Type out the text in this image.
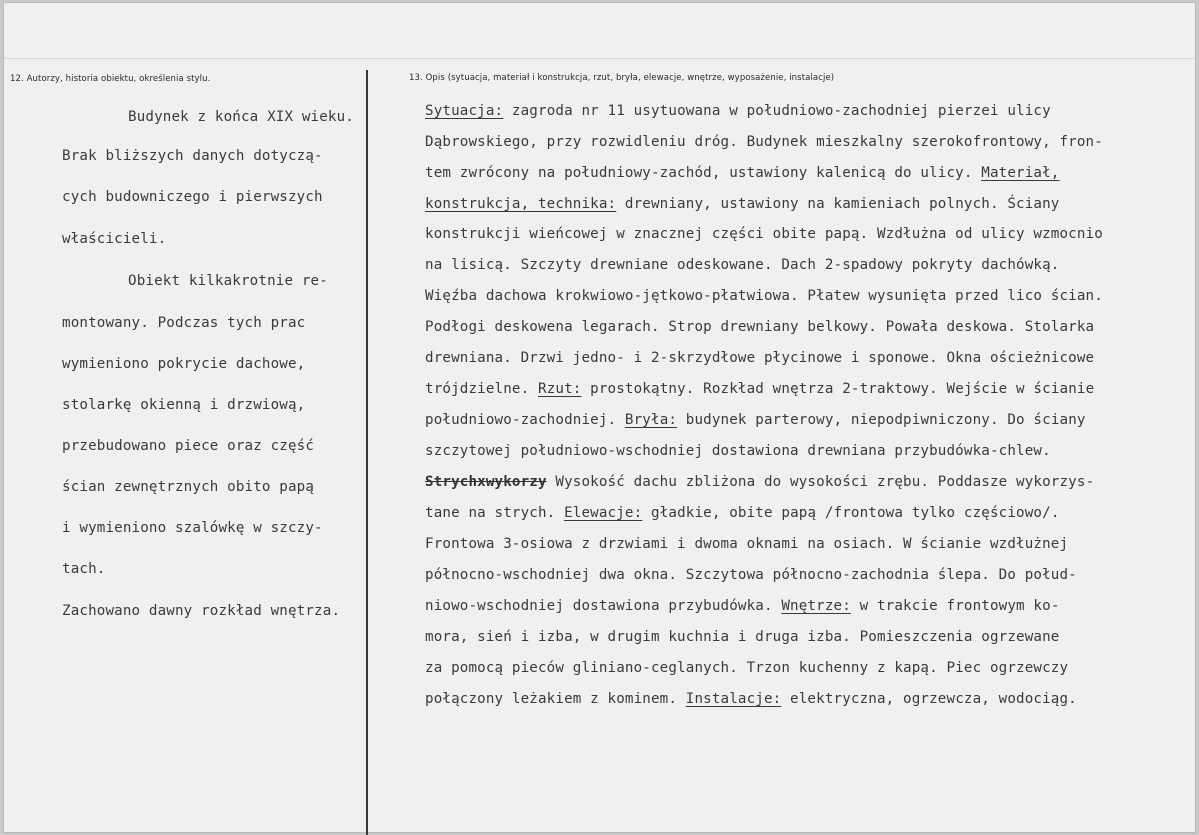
12. Autorzy, historia obiektu, określenia stylu.	13. Opis (sytuacja, materiał i konstrukcja, rzut, bryła, elewacje, wnętrze, wyposażenie, instalacje)

Budynek z końca XIX wieku.

Brak bliższych danych dotyczą-

cych budowniczego i pierwszych

właścicieli.

Obiekt kilkakrotnie re-

montowany. Podczas tych prac

wymieniono pokrycie dachowe,

stolarkę okienną i drzwiową,

przebudowano piece oraz część

ścian zewnętrznych obito papą

i wymieniono szalówkę w szczy-

tach.

Zachowano dawny rozkład wnętrza.

Sytuacja: zagroda nr 11 usytuowana w południowo-zachodniej pierzei ulicy

Dąbrowskiego, przy rozwidleniu dróg. Budynek mieszkalny szerokofrontowy, fron-

tem zwrócony na południowy-zachód, ustawiony kalenicą do ulicy. Materiał,

konstrukcja, technika: drewniany, ustawiony na kamieniach polnych. Ściany

konstrukcji wieńcowej w znacznej części obite papą. Wzdłużna od ulicy wzmocnio

na lisicą. Szczyty drewniane odeskowane. Dach 2-spadowy pokryty dachówką.

Więźba dachowa krokwiowo-jętkowo-płatwiowa. Płatew wysunięta przed lico ścian.

Podłogi deskowena legarach. Strop drewniany belkowy. Powała deskowa. Stolarka

drewniana. Drzwi jedno- i 2-skrzydłowe płycinowe i sponowe. Okna ościeżnicowe

trójdzielne. Rzut: prostokątny. Rozkład wnętrza 2-traktowy. Wejście w ścianie

południowo-zachodniej. Bryła: budynek parterowy, niepodpiwniczony. Do ściany

szczytowej południowo-wschodniej dostawiona drewniana przybudówka-chlew.

Strychxwykorzy Wysokość dachu zbliżona do wysokości zrębu. Poddasze wykorzys-

tane na strych. Elewacje: gładkie, obite papą /frontowa tylko częściowo/.

Frontowa 3-osiowa z drzwiami i dwoma oknami na osiach. W ścianie wzdłużnej

północno-wschodniej dwa okna. Szczytowa północno-zachodnia ślepa. Do połud-

niowo-wschodniej dostawiona przybudówka. Wnętrze: w trakcie frontowym ko-

mora, sień i izba, w drugim kuchnia i druga izba. Pomieszczenia ogrzewane

za pomocą pieców gliniano-ceglanych. Trzon kuchenny z kapą. Piec ogrzewczy

połączony leżakiem z kominem. Instalacje: elektryczna, ogrzewcza, wodociąg.
